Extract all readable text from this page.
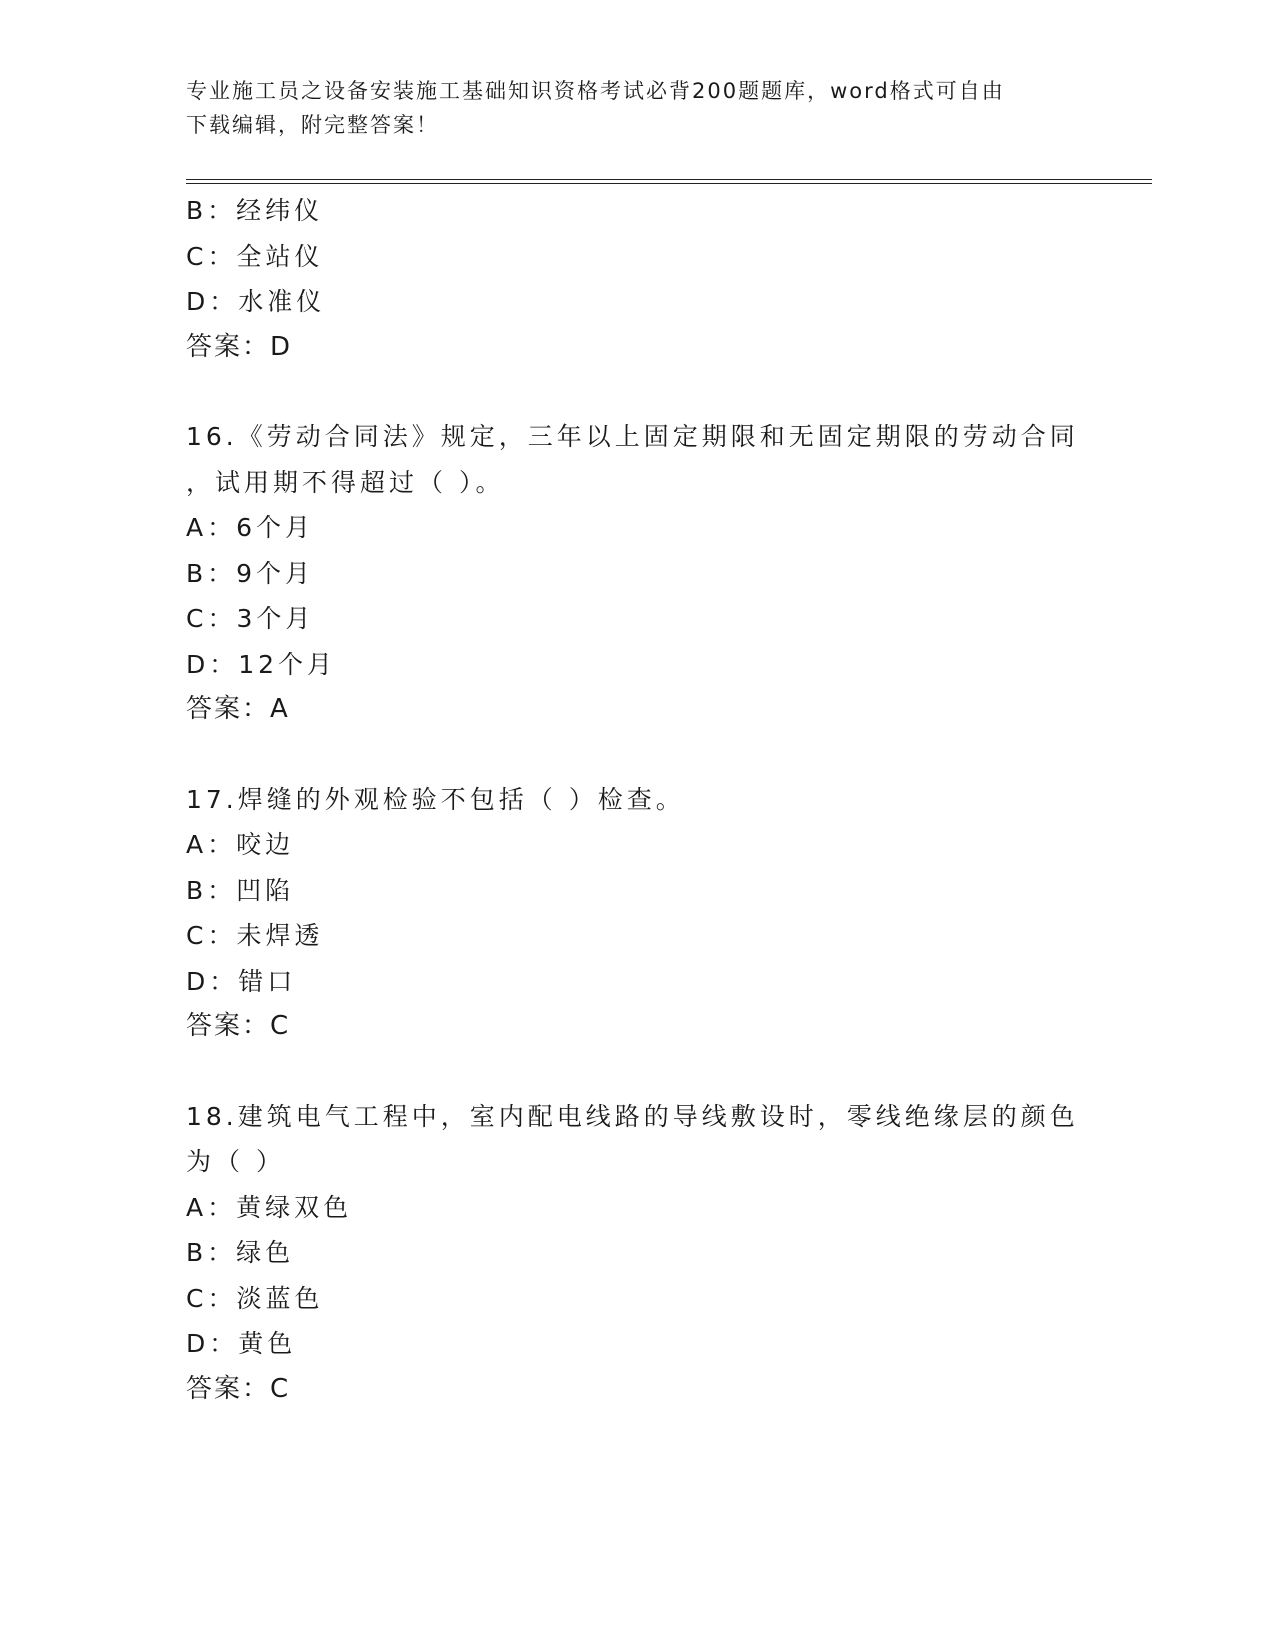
专业施工员之设备安装施工基础知识资格考试必背200题题库，word格式可自由
下载编辑，附完整答案！
B：经纬仪
C：全站仪
D：水准仪
答案：D
16.《劳动合同法》规定，三年以上固定期限和无固定期限的劳动合同
，试用期不得超过（ ）。
A：6个月
B：9个月
C：3个月
D：12个月
答案：A
17.焊缝的外观检验不包括（ ）检查。
A：咬边
B：凹陷
C：未焊透
D：错口
答案：C
18.建筑电气工程中，室内配电线路的导线敷设时，零线绝缘层的颜色
为（ ）
A：黄绿双色
B：绿色
C：淡蓝色
D：黄色
答案：C
